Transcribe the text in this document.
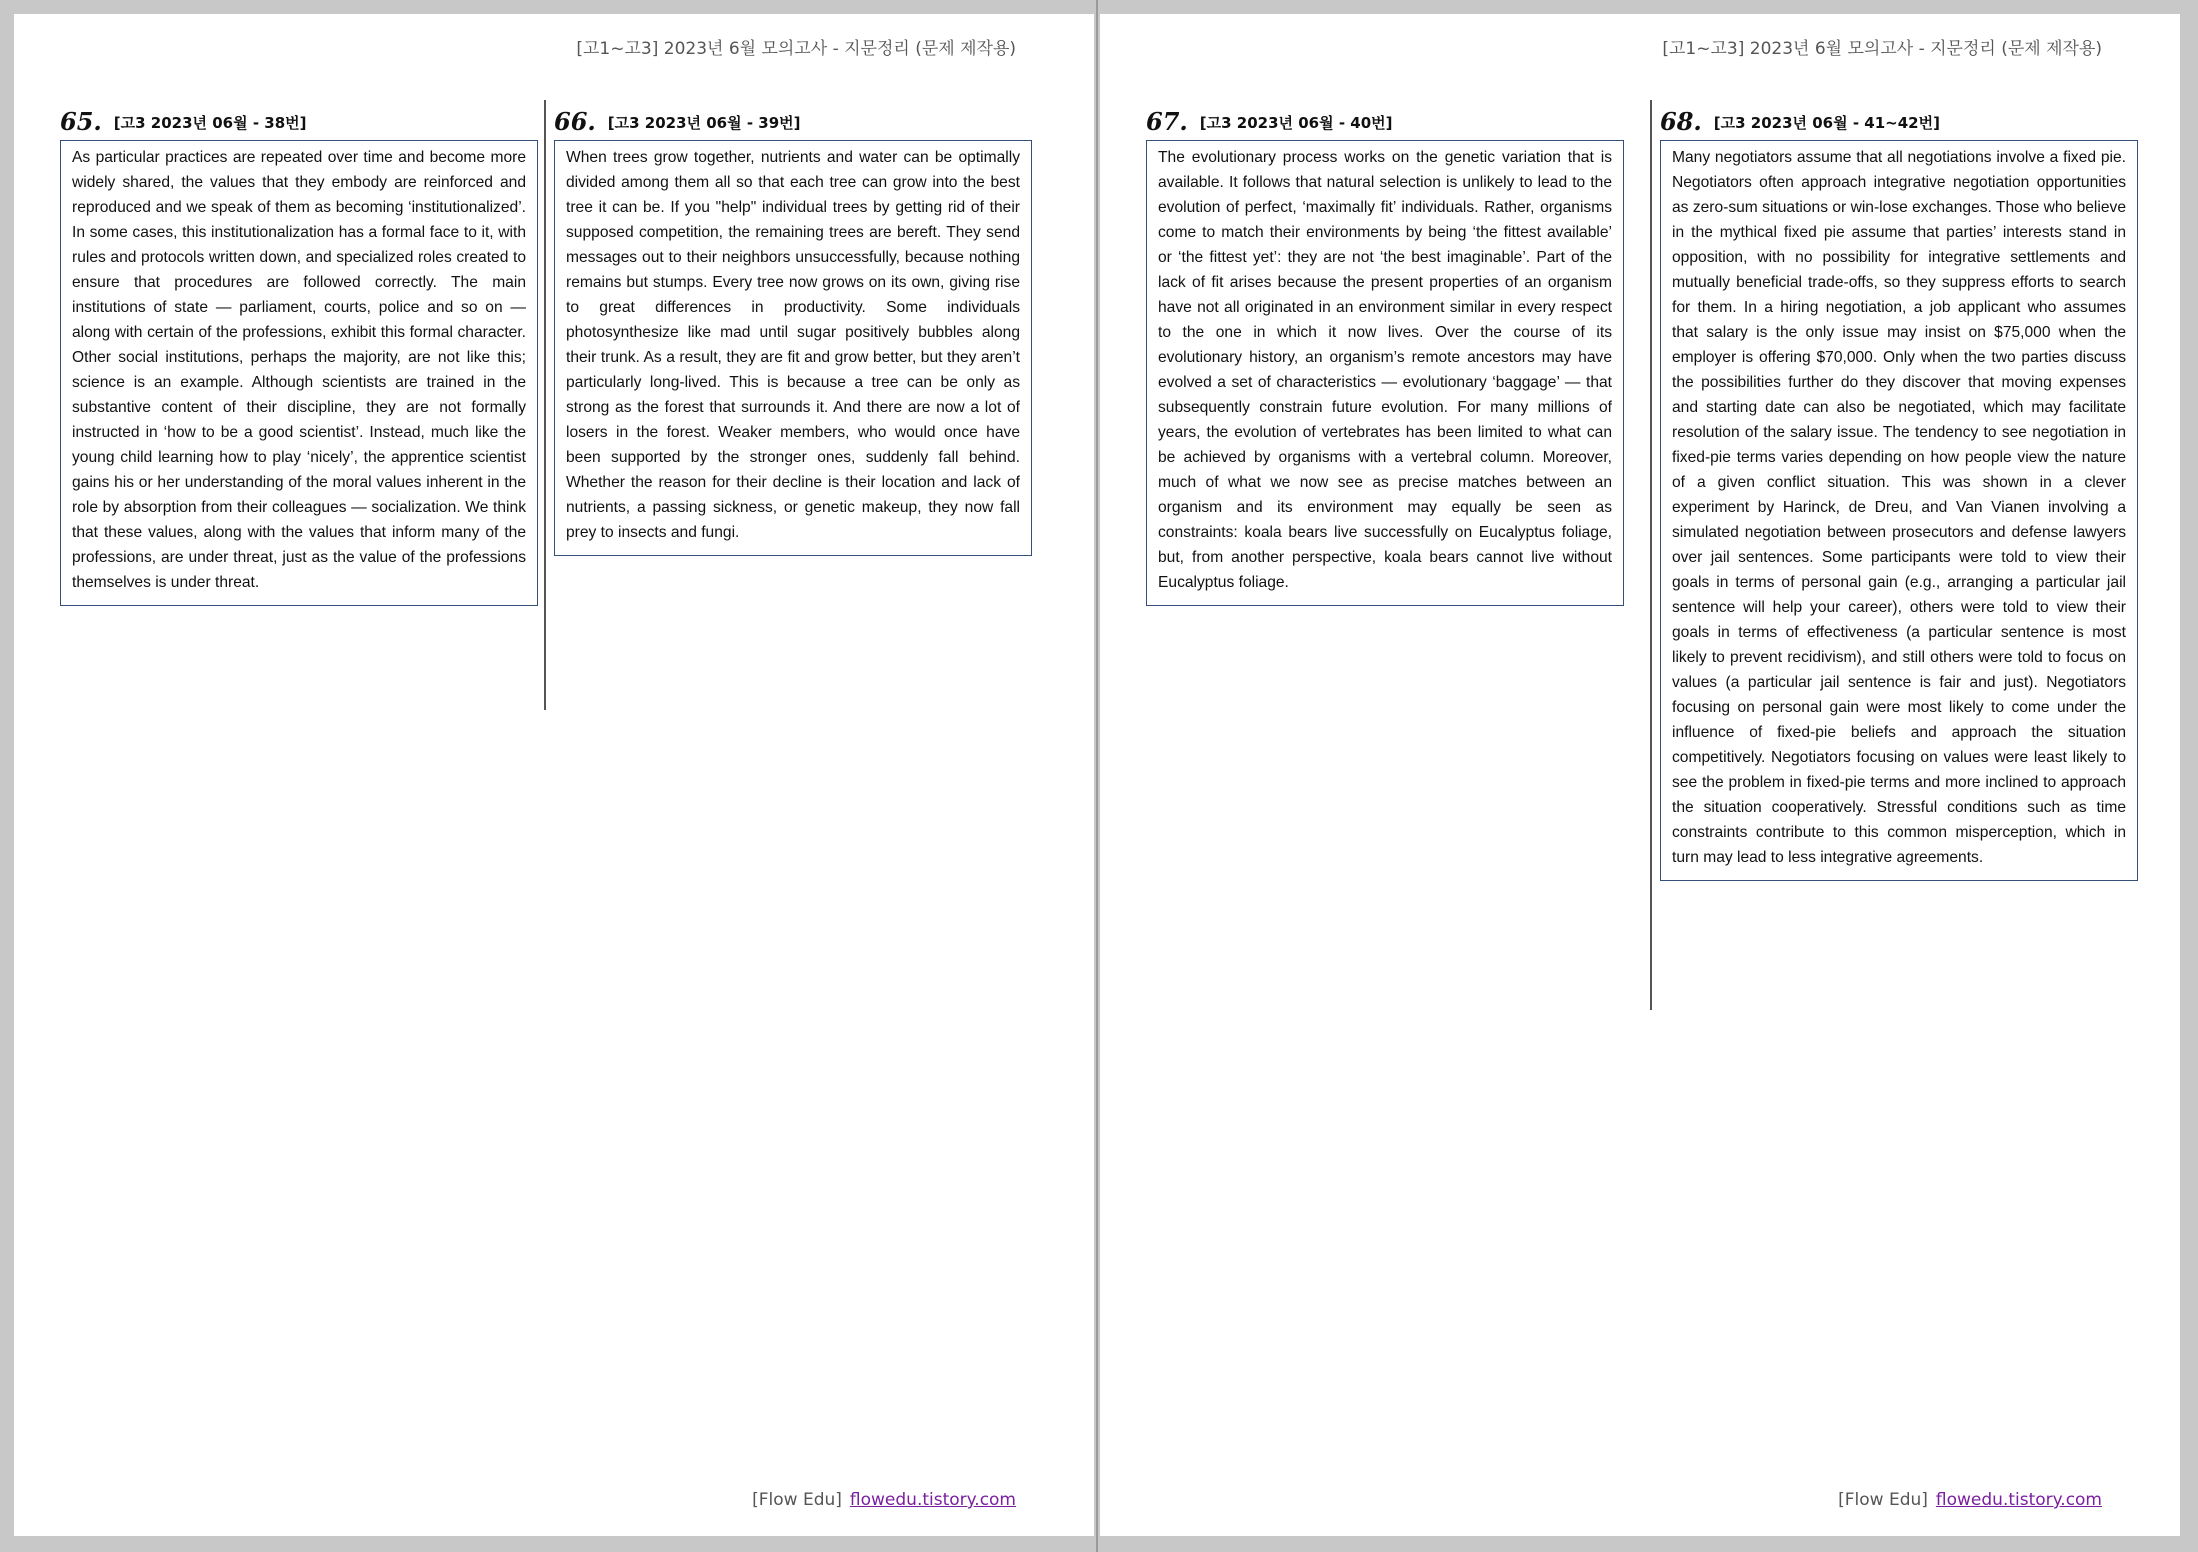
[고1~고3] 2023년 6월 모의고사 - 지문정리 (문제 제작용)
65. [고3 2023년 06월 - 38번]
As particular practices are repeated over time and become more widely shared, the values that they embody are reinforced and reproduced and we speak of them as becoming ‘institutionalized’. In some cases, this institutionalization has a formal face to it, with rules and protocols written down, and specialized roles created to ensure that procedures are followed correctly. The main institutions of state — parliament, courts, police and so on — along with certain of the professions, exhibit this formal character. Other social institutions, perhaps the majority, are not like this; science is an example. Although scientists are trained in the substantive content of their discipline, they are not formally instructed in ‘how to be a good scientist’. Instead, much like the young child learning how to play ‘nicely’, the apprentice scientist gains his or her understanding of the moral values inherent in the role by absorption from their colleagues — socialization. We think that these values, along with the values that inform many of the professions, are under threat, just as the value of the professions themselves is under threat.
66. [고3 2023년 06월 - 39번]
When trees grow together, nutrients and water can be optimally divided among them all so that each tree can grow into the best tree it can be. If you "help" individual trees by getting rid of their supposed competition, the remaining trees are bereft. They send messages out to their neighbors unsuccessfully, because nothing remains but stumps. Every tree now grows on its own, giving rise to great differences in productivity. Some individuals photosynthesize like mad until sugar positively bubbles along their trunk. As a result, they are fit and grow better, but they aren’t particularly long-lived. This is because a tree can be only as strong as the forest that surrounds it. And there are now a lot of losers in the forest. Weaker members, who would once have been supported by the stronger ones, suddenly fall behind. Whether the reason for their decline is their location and lack of nutrients, a passing sickness, or genetic makeup, they now fall prey to insects and fungi.
[Flow Edu] flowedu.tistory.com
[고1~고3] 2023년 6월 모의고사 - 지문정리 (문제 제작용)
67. [고3 2023년 06월 - 40번]
The evolutionary process works on the genetic variation that is available. It follows that natural selection is unlikely to lead to the evolution of perfect, ‘maximally fit’ individuals. Rather, organisms come to match their environments by being ‘the fittest available’ or ‘the fittest yet’: they are not ‘the best imaginable’. Part of the lack of fit arises because the present properties of an organism have not all originated in an environment similar in every respect to the one in which it now lives. Over the course of its evolutionary history, an organism’s remote ancestors may have evolved a set of characteristics — evolutionary ‘baggage’ — that subsequently constrain future evolution. For many millions of years, the evolution of vertebrates has been limited to what can be achieved by organisms with a vertebral column. Moreover, much of what we now see as precise matches between an organism and its environment may equally be seen as constraints: koala bears live successfully on Eucalyptus foliage, but, from another perspective, koala bears cannot live without Eucalyptus foliage.
68. [고3 2023년 06월 - 41~42번]
Many negotiators assume that all negotiations involve a fixed pie. Negotiators often approach integrative negotiation opportunities as zero-sum situations or win-lose exchanges. Those who believe in the mythical fixed pie assume that parties’ interests stand in opposition, with no possibility for integrative settlements and mutually beneficial trade-offs, so they suppress efforts to search for them. In a hiring negotiation, a job applicant who assumes that salary is the only issue may insist on $75,000 when the employer is offering $70,000. Only when the two parties discuss the possibilities further do they discover that moving expenses and starting date can also be negotiated, which may facilitate resolution of the salary issue. The tendency to see negotiation in fixed-pie terms varies depending on how people view the nature of a given conflict situation. This was shown in a clever experiment by Harinck, de Dreu, and Van Vianen involving a simulated negotiation between prosecutors and defense lawyers over jail sentences. Some participants were told to view their goals in terms of personal gain (e.g., arranging a particular jail sentence will help your career), others were told to view their goals in terms of effectiveness (a particular sentence is most likely to prevent recidivism), and still others were told to focus on values (a particular jail sentence is fair and just). Negotiators focusing on personal gain were most likely to come under the influence of fixed-pie beliefs and approach the situation competitively. Negotiators focusing on values were least likely to see the problem in fixed-pie terms and more inclined to approach the situation cooperatively. Stressful conditions such as time constraints contribute to this common misperception, which in turn may lead to less integrative agreements.
[Flow Edu] flowedu.tistory.com
